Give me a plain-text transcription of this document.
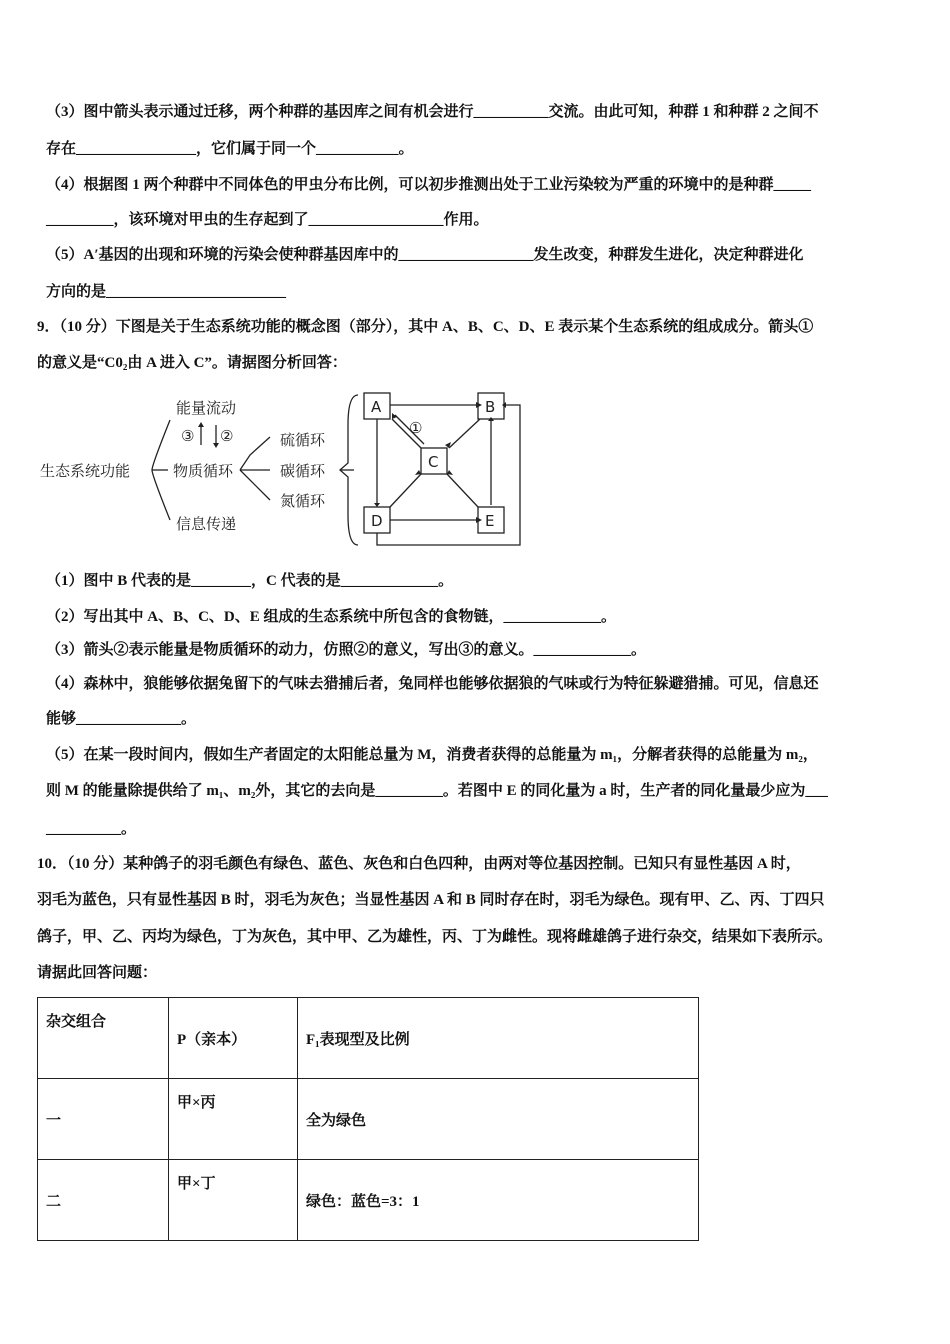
（3）图中箭头表示通过迁移，两个种群的基因库之间有机会进行__________交流。由此可知，种群 1 和种群 2 之间不
存在________________，它们属于同一个___________。
（4）根据图 1 两个种群中不同体色的甲虫分布比例，可以初步推测出处于工业污染较为严重的环境中的是种群_____
_________，该环境对甲虫的生存起到了__________________作用。
（5）A′基因的出现和环境的污染会使种群基因库中的__________________发生改变，种群发生进化，决定种群进化
方向的是________________________
9．（10 分）下图是关于生态系统功能的概念图（部分），其中 A、B、C、D、E 表示某个生态系统的组成成分。箭头①
的意义是“C0₂由 A 进入 C”。请据图分析回答：
（1）图中 B 代表的是________，C 代表的是_____________。
（2）写出其中 A、B、C、D、E 组成的生态系统中所包含的食物链，_____________。
（3）箭头②表示能量是物质循环的动力，仿照②的意义，写出③的意义。_____________。
（4）森林中，狼能够依据兔留下的气味去猎捕后者，兔同样也能够依据狼的气味或行为特征躲避猎捕。可见，信息还
能够______________。
（5）在某一段时间内，假如生产者固定的太阳能总量为 M，消费者获得的总能量为 m₁，分解者获得的总能量为 m₂，
则 M 的能量除提供给了 m₁、m₂外，其它的去向是_________。若图中 E 的同化量为 a 时，生产者的同化量最少应为___
__________。
10．（10 分）某种鸽子的羽毛颜色有绿色、蓝色、灰色和白色四种，由两对等位基因控制。已知只有显性基因 A 时，
羽毛为蓝色，只有显性基因 B 时，羽毛为灰色；当显性基因 A 和 B 同时存在时，羽毛为绿色。现有甲、乙、丙、丁四只
鸽子，甲、乙、丙均为绿色，丁为灰色，其中甲、乙为雄性，丙、丁为雌性。现将雌雄鸽子进行杂交，结果如下表所示。
请据此回答问题：
生态系统功能
能量流动
③ ②
物质循环
信息传递
硫循环
碳循环
氮循环
A	B
C
D	E
①
杂交组合	P（亲本）	F₁表现型及比例
一	甲×丙	全为绿色
二	甲×丁	绿色：蓝色=3：1
